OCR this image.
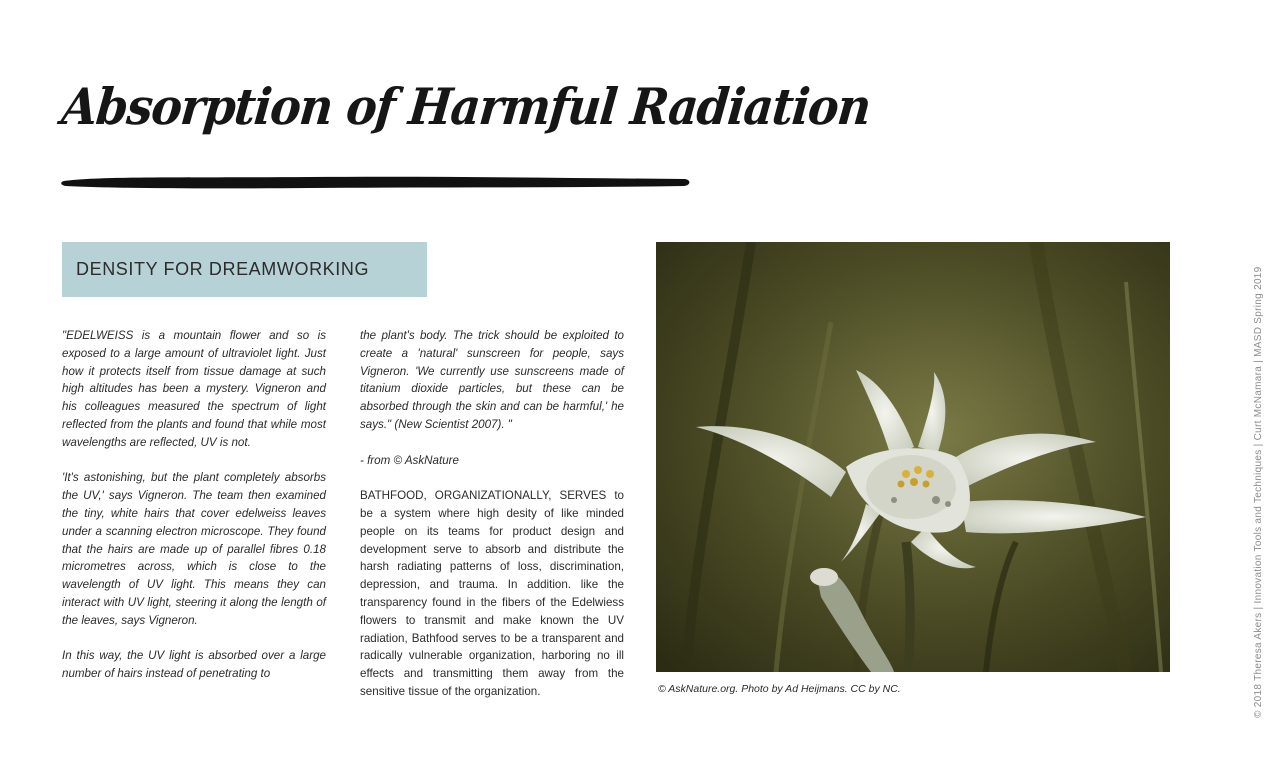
Absorption of Harmful Radiation
DENSITY FOR DREAMWORKING

"EDELWEISS is a mountain flower and so is exposed to a large amount of ultraviolet light. Just how it protects itself from tissue damage at such high altitudes has been a mystery. Vigneron and his colleagues measured the spectrum of light reflected from the plants and found that while most wavelengths are reflected, UV is not.

'It's astonishing, but the plant completely absorbs the UV,' says Vigneron. The team then examined the tiny, white hairs that cover edelweiss leaves under a scanning electron microscope. They found that the hairs are made up of parallel fibres 0.18 micrometres across, which is close to the wavelength of UV light. This means they can interact with UV light, steering it along the length of the leaves, says Vigneron.

In this way, the UV light is absorbed over a large number of hairs instead of penetrating to

the plant's body. The trick should be exploited to create a 'natural' sunscreen for people, says Vigneron. 'We currently use sunscreens made of titanium dioxide particles, but these can be absorbed through the skin and can be harmful,' he says." (New Scientist 2007). "

- from © AskNature

BATHFOOD, ORGANIZATIONALLY, SERVES to be a system where high desity of like minded people on its teams for product design and development serve to absorb and distribute the harsh radiating patterns of loss, discrimination, depression, and trauma. In addition. like the transparency found in the fibers of the Edelwiess flowers to transmit and make known the UV radiation, Bathfood serves to be a transparent and radically vulnerable organization, harboring no ill effects and transmitting them away from the sensitive tissue of the organization.	© AskNature.org. Photo by Ad Heijmans. CC by NC.	© 2018 Theresa Akers | Innovation Tools and Techniques | Curt McNamara | MASD Spring 2019
